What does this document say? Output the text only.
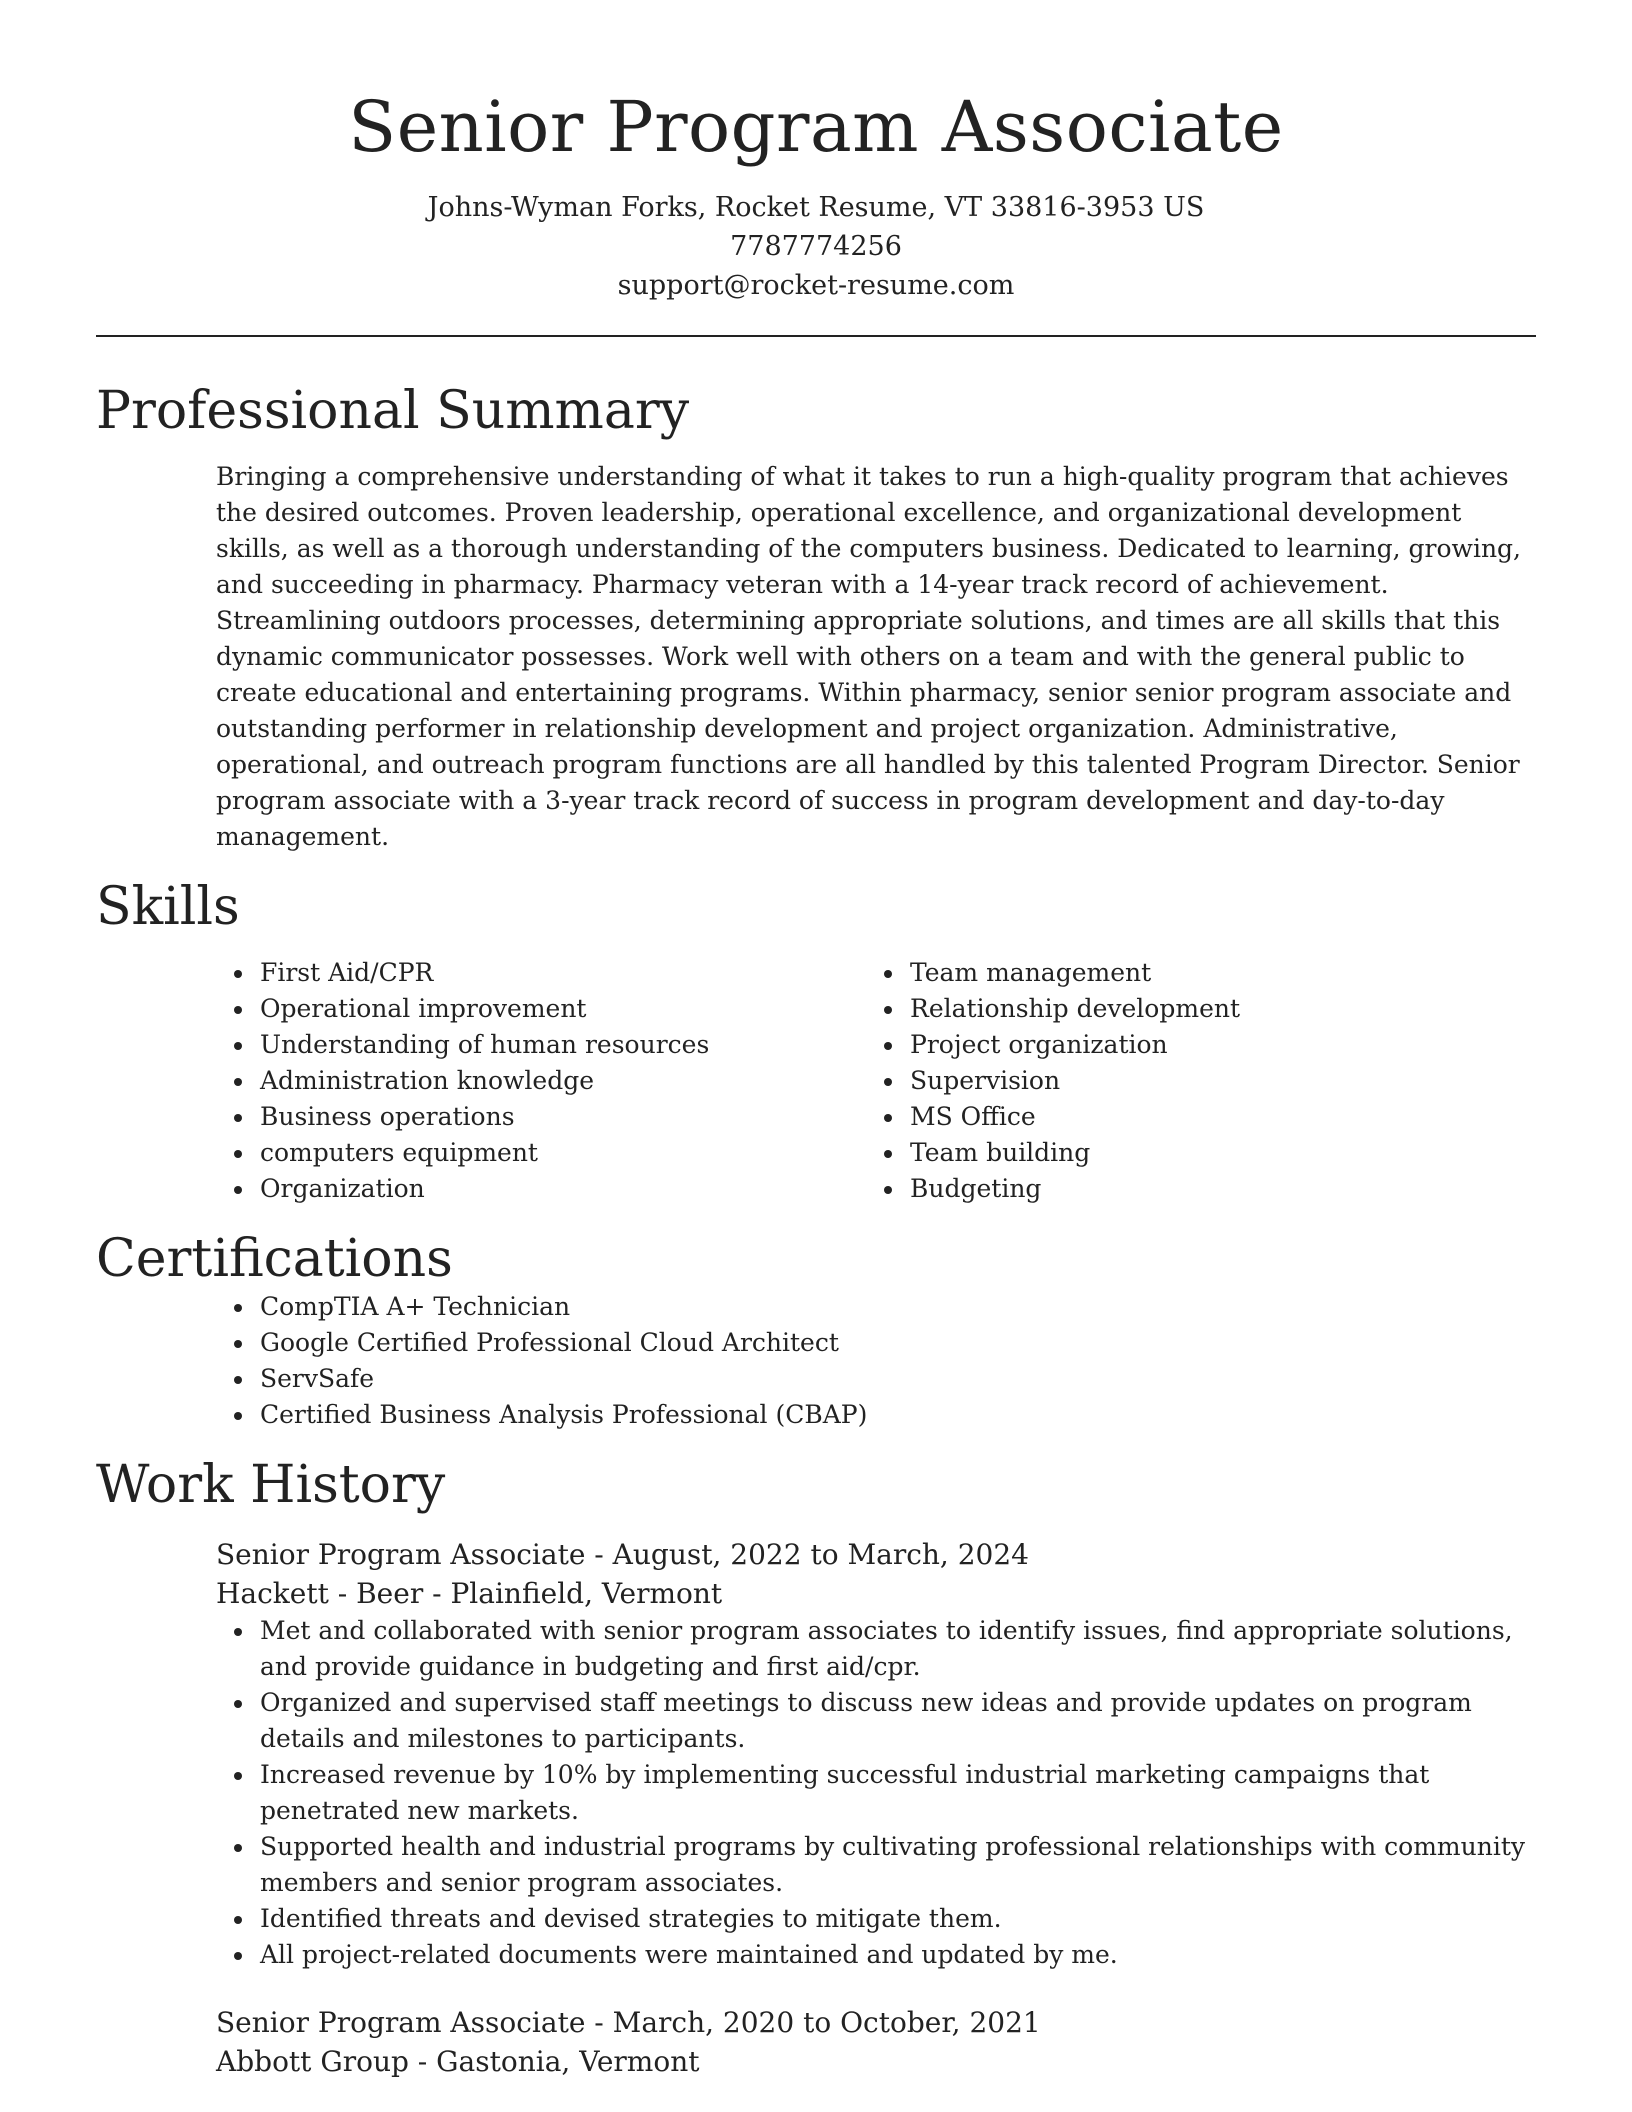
Senior Program Associate
Johns-Wyman Forks, Rocket Resume, VT 33816-3953 US
7787774256
support@rocket-resume.com
Professional Summary

Bringing a comprehensive understanding of what it takes to run a high-quality program that achieves the desired outcomes. Proven leadership, operational excellence, and organizational development skills, as well as a thorough understanding of the computers business. Dedicated to learning, growing, and succeeding in pharmacy. Pharmacy veteran with a 14-year track record of achievement. Streamlining outdoors processes, determining appropriate solutions, and times are all skills that this dynamic communicator possesses. Work well with others on a team and with the general public to create educational and entertaining programs. Within pharmacy, senior senior program associate and outstanding performer in relationship development and project organization. Administrative, operational, and outreach program functions are all handled by this talented Program Director. Senior program associate with a 3-year track record of success in program development and day-to-day management.

Skills
First Aid/CPR
Operational improvement
Understanding of human resources
Administration knowledge
Business operations
computers equipment
Organization
Team management
Relationship development
Project organization
Supervision
MS Office
Team building
Budgeting
Certifications
CompTIA A+ Technician
Google Certified Professional Cloud Architect
ServSafe
Certified Business Analysis Professional (CBAP)
Work History
Senior Program Associate - August, 2022 to March, 2024
Hackett - Beer - Plainfield, Vermont
Met and collaborated with senior program associates to identify issues, find appropriate solutions, and provide guidance in budgeting and first aid/cpr.
Organized and supervised staff meetings to discuss new ideas and provide updates on program details and milestones to participants.
Increased revenue by 10% by implementing successful industrial marketing campaigns that penetrated new markets.
Supported health and industrial programs by cultivating professional relationships with community members and senior program associates.
Identified threats and devised strategies to mitigate them.
All project-related documents were maintained and updated by me.
Senior Program Associate - March, 2020 to October, 2021
Abbott Group - Gastonia, Vermont
